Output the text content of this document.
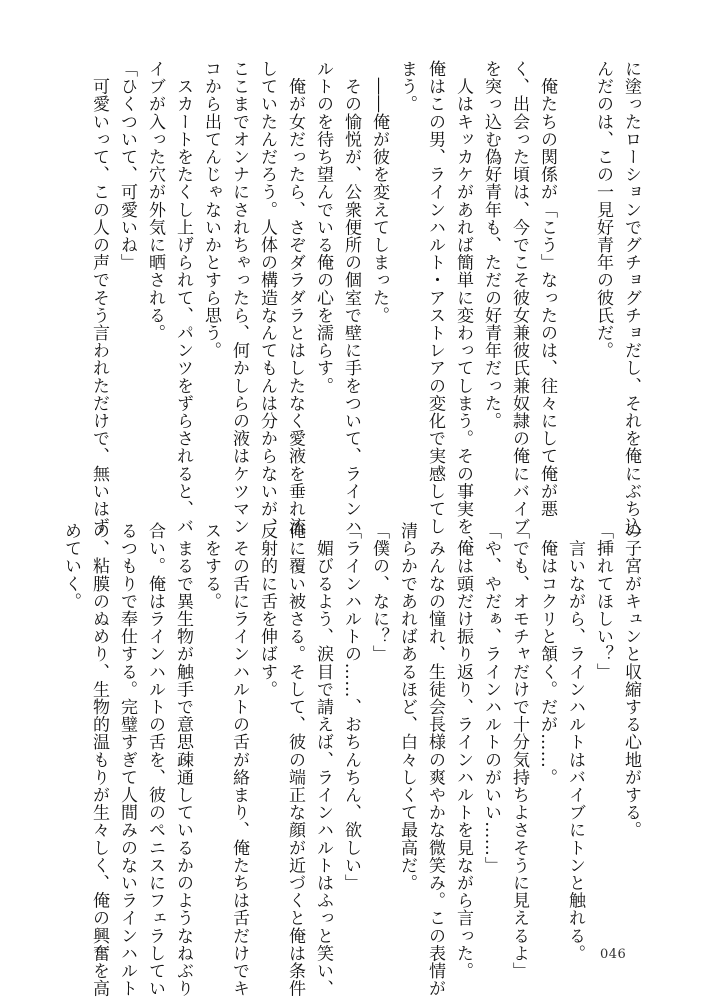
に塗ったローションでグチョグチョだし、それを俺にぶち込
んだのは、この一見好青年の彼氏だ。

　俺たちの関係が「こう」なったのは、往々にして俺が悪
く、出会った頃は、今でこそ彼女兼彼氏兼奴隷の俺にバイブ
を突っ込む偽好青年も、ただの好青年だった。
　人はキッカケがあれば簡単に変わってしまう。その事実を、
俺はこの男、ラインハルト・アストレアの変化で実感してし
まう。
　――俺が彼を変えてしまった。
　その愉悦が、公衆便所の個室で壁に手をついて、ラインハ
ルトのを待ち望んでいる俺の心を濡らす。
　俺が女だったら、さぞダラダラとはしたなく愛液を垂れ流
していたんだろう。人体の構造なんてもんは分からないが、
ここまでオンナにされちゃったら、何かしらの液はケツマン
コから出てんじゃないかとすら思う。
　スカートをたくし上げられて、パンツをずらされると、バ
イブが入った穴が外気に晒される。
「ひくついて、可愛いね」
　可愛いって、この人の声でそう言われただけで、無いはず
の子宮がキュンと収縮する心地がする。
「挿れてほしい？」
　言いながら、ラインハルトはバイブにトンと触れる。
　俺はコクリと頷く。だが……。
「でも、オモチャだけで十分気持ちよさそうに見えるよ」
「や、やだぁ、ラインハルトのがいい……」
　俺は頭だけ振り返り、ラインハルトを見ながら言った。
　みんなの憧れ、生徒会長様の爽やかな微笑み。この表情が
清らかであればあるほど、白々しくて最高だ。
「僕の、なに？」
「ラインハルトの……、おちんちん、欲しい」
　媚びるよう、涙目で請えば、ラインハルトはふっと笑い、
俺に覆い被さる。そして、彼の端正な顔が近づくと俺は条件
反射的に舌を伸ばす。
　その舌にラインハルトの舌が絡まり、俺たちは舌だけでキ
スをする。
　まるで異生物が触手で意思疎通しているかのようなねぶり
合い。俺はラインハルトの舌を、彼のペニスにフェラしてい
るつもりで奉仕する。完璧すぎて人間みのないラインハルト
の、粘膜のぬめり、生物的温もりが生々しく、俺の興奮を高
めていく。
046
